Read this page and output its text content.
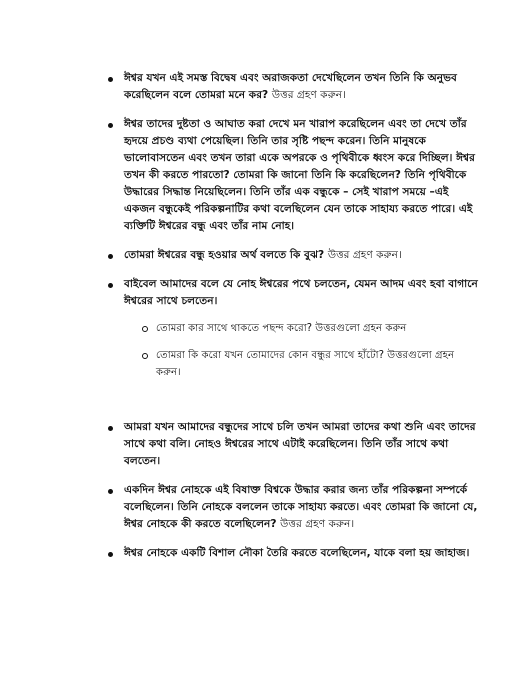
ঈশ্বর যখন এই সমস্ত বিদ্বেষ এবং অরাজকতা দেখেছিলেন তখন তিনি কি অনুভব করেছিলেন বলে তোমরা মনে কর? উত্তর গ্রহণ করুন।
ঈশ্বর তাদের দুষ্টতা ও আঘাত করা দেখে মন খারাপ করেছিলেন এবং তা দেখে তাঁর হৃদয়ে প্রচণ্ড ব্যথা পেয়েছিল। তিনি তার সৃষ্টি পছন্দ করেন। তিনি মানুষকে ভালোবাসতেন এবং তখন তারা একে অপরকে ও পৃথিবীকে ধ্বংস করে দিচ্ছিল। ঈশ্বর তখন কী করতে পারতো? তোমরা কি জানো তিনি কি করেছিলেন? তিনি পৃথিবীকে উদ্ধারের সিদ্ধান্ত নিয়েছিলেন। তিনি তাঁর এক বন্ধুকে – সেই খারাপ সময়ে –এই একজন বন্ধুকেই পরিকল্পনাটির কথা বলেছিলেন যেন তাকে সাহায্য করতে পারে। এই ব্যক্তিটি ঈশ্বরের বন্ধু এবং তাঁর নাম নোহ।
তোমরা ঈশ্বরের বন্ধু হওয়ার অর্থ বলতে কি বুঝ? উত্তর গ্রহণ করুন।
বাইবেল আমাদের বলে যে নোহ ঈশ্বরের পথে চলতেন, যেমন আদম এবং হবা বাগানে ঈশ্বরের সাথে চলতেন।
তোমরা কার সাথে থাকতে পছন্দ করো? উত্তরগুলো গ্রহন করুন
তোমরা কি করো যখন তোমাদের কোন বন্ধুর সাথে হাঁটো? উত্তরগুলো গ্রহন করুন।
আমরা যখন আমাদের বন্ধুদের সাথে চলি তখন আমরা তাদের কথা শুনি এবং তাদের সাথে কথা বলি। নোহও ঈশ্বরের সাথে এটাই করেছিলেন। তিনি তাঁর সাথে কথা বলতেন।
একদিন ঈশ্বর নোহকে এই বিষাক্ত বিশ্বকে উদ্ধার করার জন্য তাঁর পরিকল্পনা সম্পর্কে বলেছিলেন। তিনি নোহকে বললেন তাকে সাহায্য করতে। এবং তোমরা কি জানো যে, ঈশ্বর নোহকে কী করতে বলেছিলেন? উত্তর গ্রহণ করুন।
ঈশ্বর নোহকে একটি বিশাল নৌকা তৈরি করতে বলেছিলেন, যাকে বলা হয় জাহাজ।
